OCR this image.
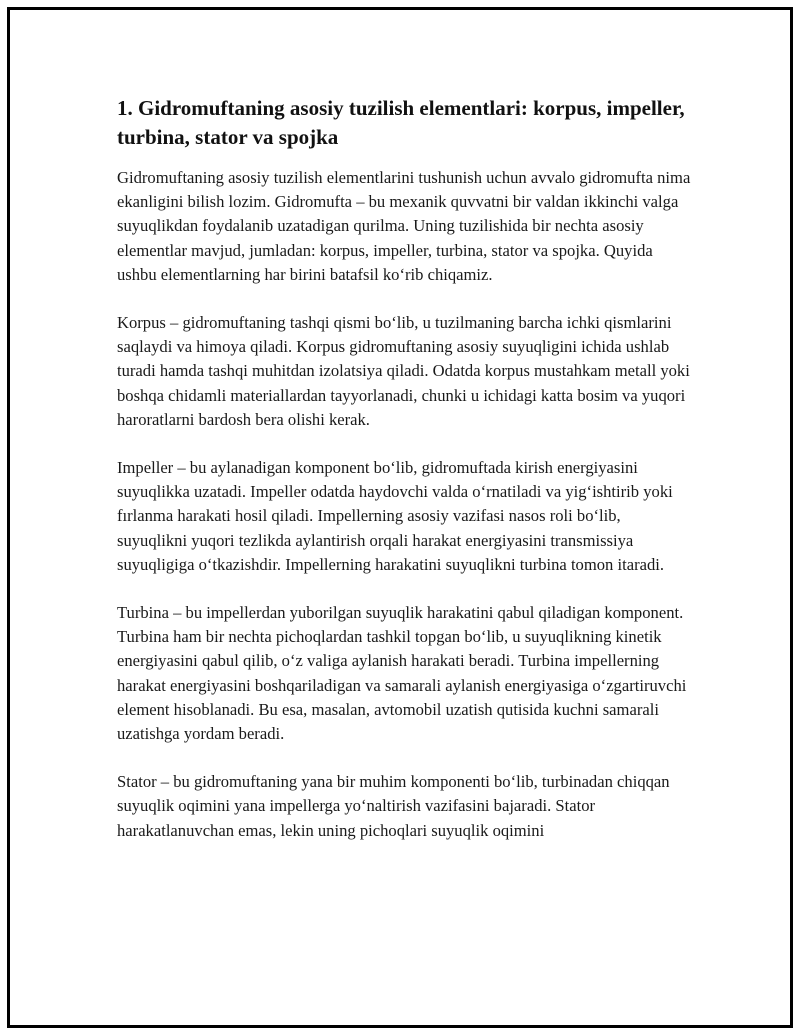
1. Gidromuftaning asosiy tuzilish elementlari: korpus, impeller, turbina, stator va spojka

Gidromuftaning asosiy tuzilish elementlarini tushunish uchun avvalo gidromufta nima ekanligini bilish lozim. Gidromufta – bu mexanik quvvatni bir valdan ikkinchi valga suyuqlikdan foydalanib uzatadigan qurilma. Uning tuzilishida bir nechta asosiy elementlar mavjud, jumladan: korpus, impeller, turbina, stator va spojka. Quyida ushbu elementlarning har birini batafsil ko‘rib chiqamiz.

Korpus – gidromuftaning tashqi qismi bo‘lib, u tuzilmaning barcha ichki qismlarini saqlaydi va himoya qiladi. Korpus gidromuftaning asosiy suyuqligini ichida ushlab turadi hamda tashqi muhitdan izolatsiya qiladi. Odatda korpus mustahkam metall yoki boshqa chidamli materiallardan tayyorlanadi, chunki u ichidagi katta bosim va yuqori haroratlarni bardosh bera olishi kerak.

Impeller – bu aylanadigan komponent bo‘lib, gidromuftada kirish energiyasini suyuqlikka uzatadi. Impeller odatda haydovchi valda o‘rnatiladi va yig‘ishtirib yoki fırlanma harakati hosil qiladi. Impellerning asosiy vazifasi nasos roli bo‘lib, suyuqlikni yuqori tezlikda aylantirish orqali harakat energiyasini transmissiya suyuqligiga o‘tkazishdir. Impellerning harakatini suyuqlikni turbina tomon itaradi.

Turbina – bu impellerdan yuborilgan suyuqlik harakatini qabul qiladigan komponent. Turbina ham bir nechta pichoqlardan tashkil topgan bo‘lib, u suyuqlikning kinetik energiyasini qabul qilib, o‘z valiga aylanish harakati beradi. Turbina impellerning harakat energiyasini boshqariladigan va samarali aylanish energiyasiga o‘zgartiruvchi element hisoblanadi. Bu esa, masalan, avtomobil uzatish qutisida kuchni samarali uzatishga yordam beradi.

Stator – bu gidromuftaning yana bir muhim komponenti bo‘lib, turbinadan chiqqan suyuqlik oqimini yana impellerga yo‘naltirish vazifasini bajaradi. Stator harakatlanuvchan emas, lekin uning pichoqlari suyuqlik oqimini
